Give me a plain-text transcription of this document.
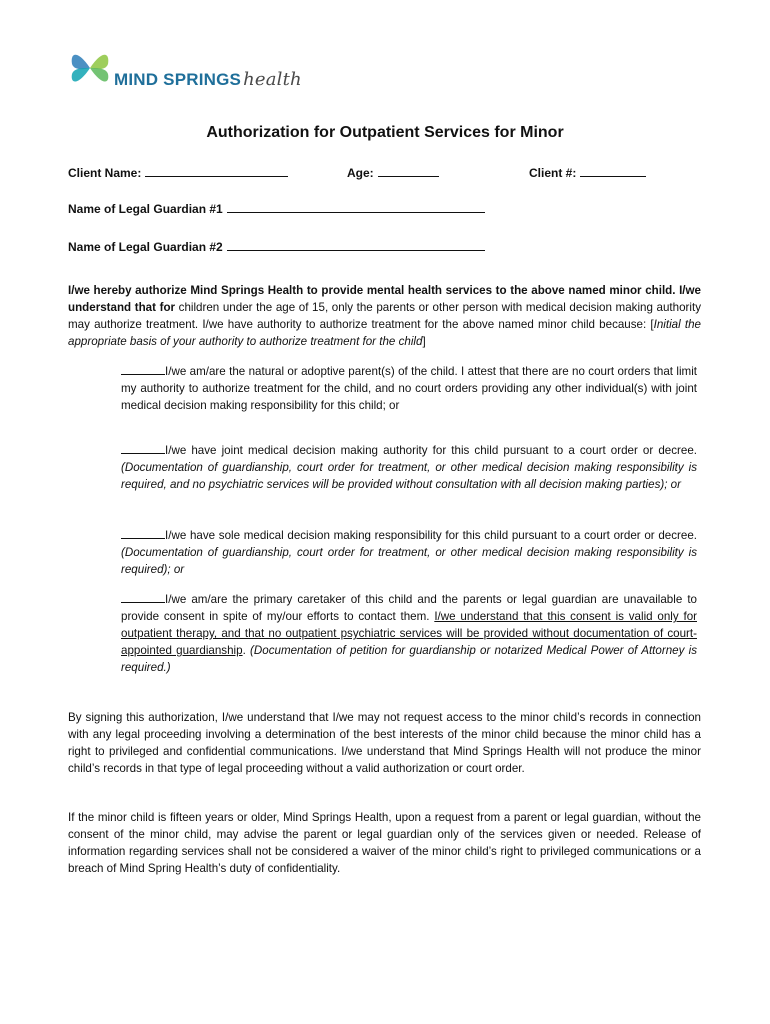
MIND SPRINGS health
Authorization for Outpatient Services for Minor
Client Name:	Age:	Client #:
Name of Legal Guardian #1
Name of Legal Guardian #2
I/we hereby authorize Mind Springs Health to provide mental health services to the above named minor child. I/we understand that for children under the age of 15, only the parents or other person with medical decision making authority may authorize treatment. I/we have authority to authorize treatment for the above named minor child because: [Initial the appropriate basis of your authority to authorize treatment for the child]
I/we am/are the natural or adoptive parent(s) of the child. I attest that there are no court orders that limit my authority to authorize treatment for the child, and no court orders providing any other individual(s) with joint medical decision making responsibility for this child; or
I/we have joint medical decision making authority for this child pursuant to a court order or decree. (Documentation of guardianship, court order for treatment, or other medical decision making responsibility is required, and no psychiatric services will be provided without consultation with all decision making parties); or
I/we have sole medical decision making responsibility for this child pursuant to a court order or decree. (Documentation of guardianship, court order for treatment, or other medical decision making responsibility is required); or
I/we am/are the primary caretaker of this child and the parents or legal guardian are unavailable to provide consent in spite of my/our efforts to contact them. I/we understand that this consent is valid only for outpatient therapy, and that no outpatient psychiatric services will be provided without documentation of court-appointed guardianship. (Documentation of petition for guardianship or notarized Medical Power of Attorney is required.)
By signing this authorization, I/we understand that I/we may not request access to the minor child’s records in connection with any legal proceeding involving a determination of the best interests of the minor child because the minor child has a right to privileged and confidential communications. I/we understand that Mind Springs Health will not produce the minor child’s records in that type of legal proceeding without a valid authorization or court order.
If the minor child is fifteen years or older, Mind Springs Health, upon a request from a parent or legal guardian, without the consent of the minor child, may advise the parent or legal guardian only of the services given or needed. Release of information regarding services shall not be considered a waiver of the minor child’s right to privileged communications or a breach of Mind Spring Health’s duty of confidentiality.
